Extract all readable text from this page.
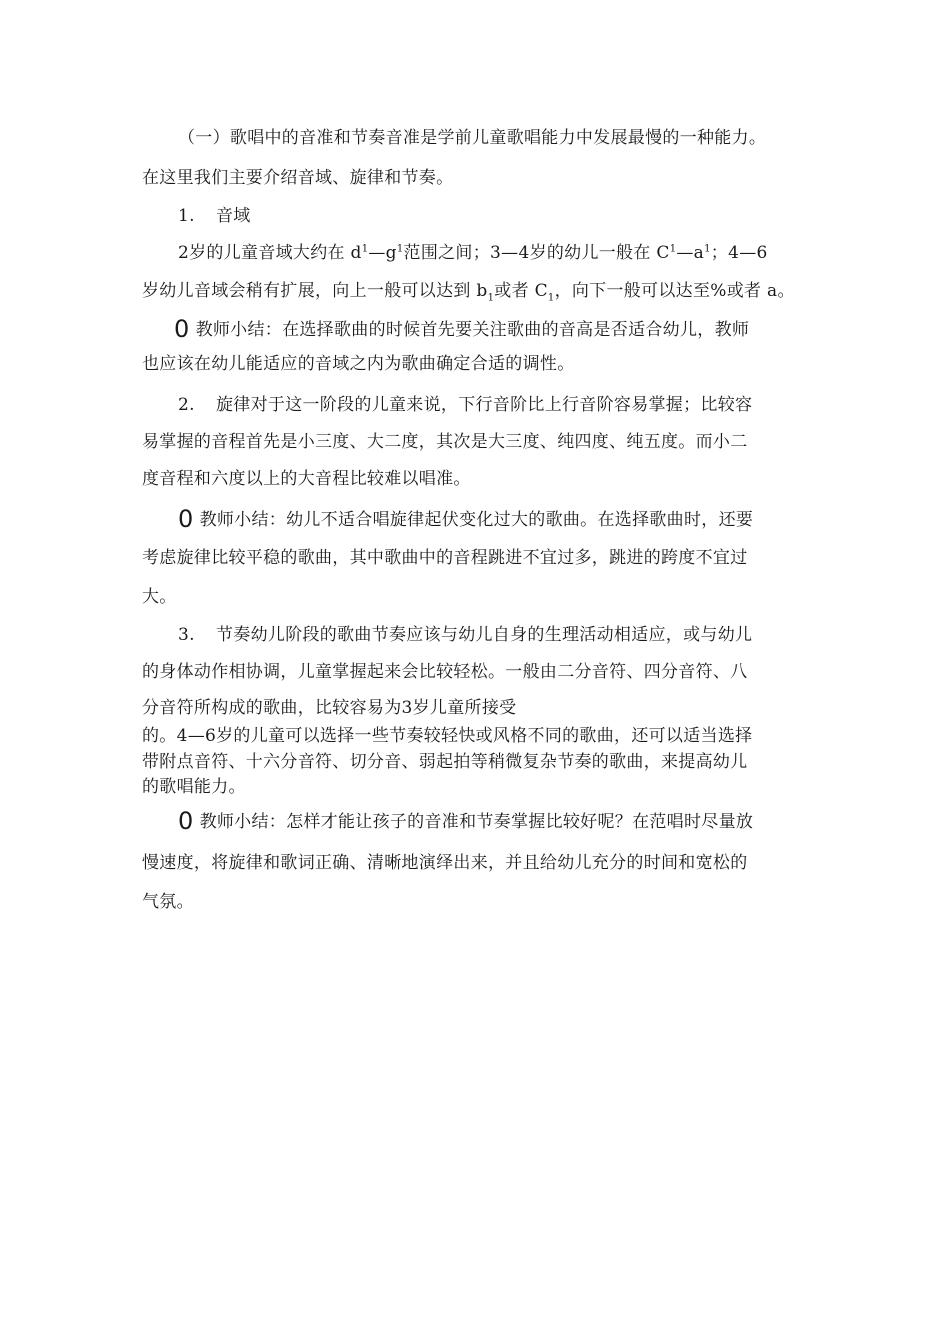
（一）歌唱中的音准和节奏音准是学前儿童歌唱能力中发展最慢的一种能力。
在这里我们主要介绍音域、旋律和节奏。
1. 音域
2岁的儿童音域大约在 $d^1—g^1$范围之间；3—4岁的幼儿一般在 $C^1—a^1$；4—6
岁幼儿音域会稍有扩展，向上一般可以达到 $b_1$或者 $C_1$，向下一般可以达至%或者 a。
0 教师小结：在选择歌曲的时候首先要关注歌曲的音高是否适合幼儿，教师
也应该在幼儿能适应的音域之内为歌曲确定合适的调性。
2. 旋律对于这一阶段的儿童来说，下行音阶比上行音阶容易掌握；比较容
易掌握的音程首先是小三度、大二度，其次是大三度、纯四度、纯五度。而小二
度音程和六度以上的大音程比较难以唱准。
0 教师小结：幼儿不适合唱旋律起伏变化过大的歌曲。在选择歌曲时，还要
考虑旋律比较平稳的歌曲，其中歌曲中的音程跳进不宜过多，跳进的跨度不宜过
大。
3. 节奏幼儿阶段的歌曲节奏应该与幼儿自身的生理活动相适应，或与幼儿
的身体动作相协调，儿童掌握起来会比较轻松。一般由二分音符、四分音符、八
分音符所构成的歌曲，比较容易为3岁儿童所接受
的。4—6岁的儿童可以选择一些节奏较轻快或风格不同的歌曲，还可以适当选择
带附点音符、十六分音符、切分音、弱起拍等稍微复杂节奏的歌曲，来提高幼儿
的歌唱能力。
0 教师小结：怎样才能让孩子的音准和节奏掌握比较好呢？在范唱时尽量放
慢速度，将旋律和歌词正确、清晰地演绎出来，并且给幼儿充分的时间和宽松的
气氛。
